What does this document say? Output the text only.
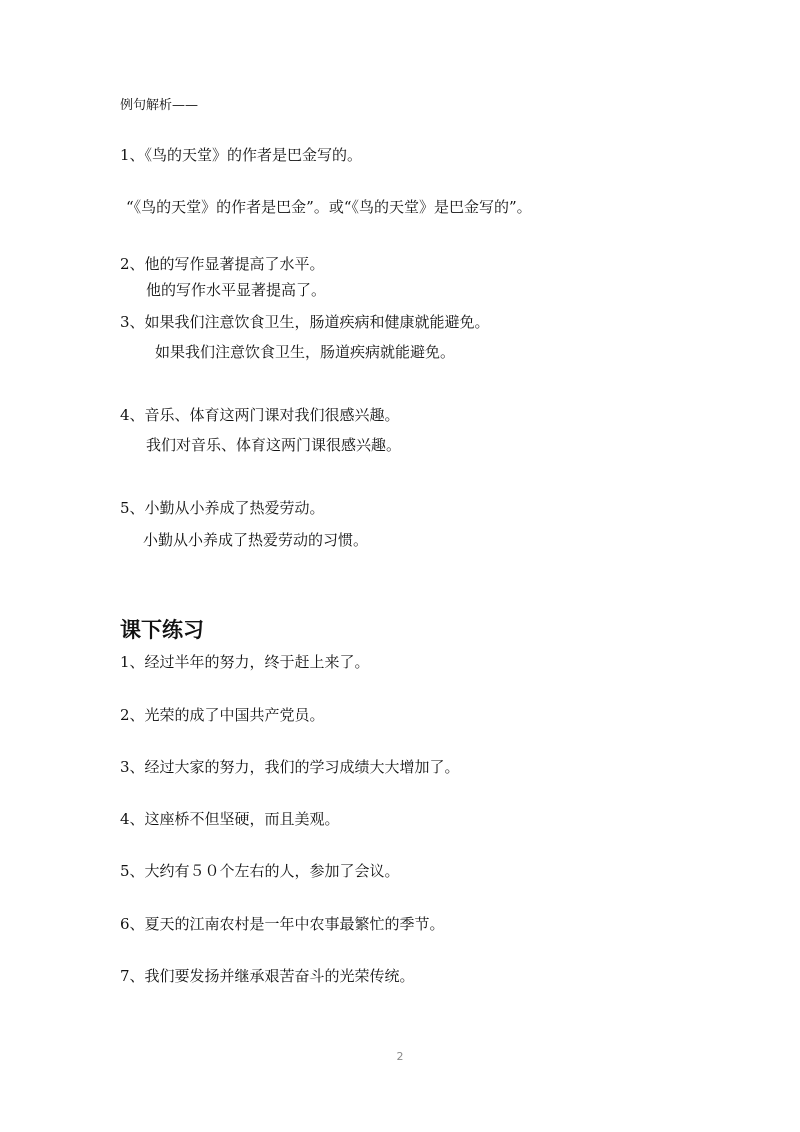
例句解析——
1、《鸟的天堂》的作者是巴金写的。
“《鸟的天堂》的作者是巴金”。或“《鸟的天堂》是巴金写的”。
2、他的写作显著提高了水平。
他的写作水平显著提高了。
3、如果我们注意饮食卫生，肠道疾病和健康就能避免。
如果我们注意饮食卫生，肠道疾病就能避免。
4、音乐、体育这两门课对我们很感兴趣。
我们对音乐、体育这两门课很感兴趣。
5、小勤从小养成了热爱劳动。
小勤从小养成了热爱劳动的习惯。
课下练习
1、经过半年的努力，终于赶上来了。
2、光荣的成了中国共产党员。
3、经过大家的努力，我们的学习成绩大大增加了。
4、这座桥不但坚硬，而且美观。
5、大约有５０个左右的人，参加了会议。
6、夏天的江南农村是一年中农事最繁忙的季节。
7、我们要发扬并继承艰苦奋斗的光荣传统。
2
